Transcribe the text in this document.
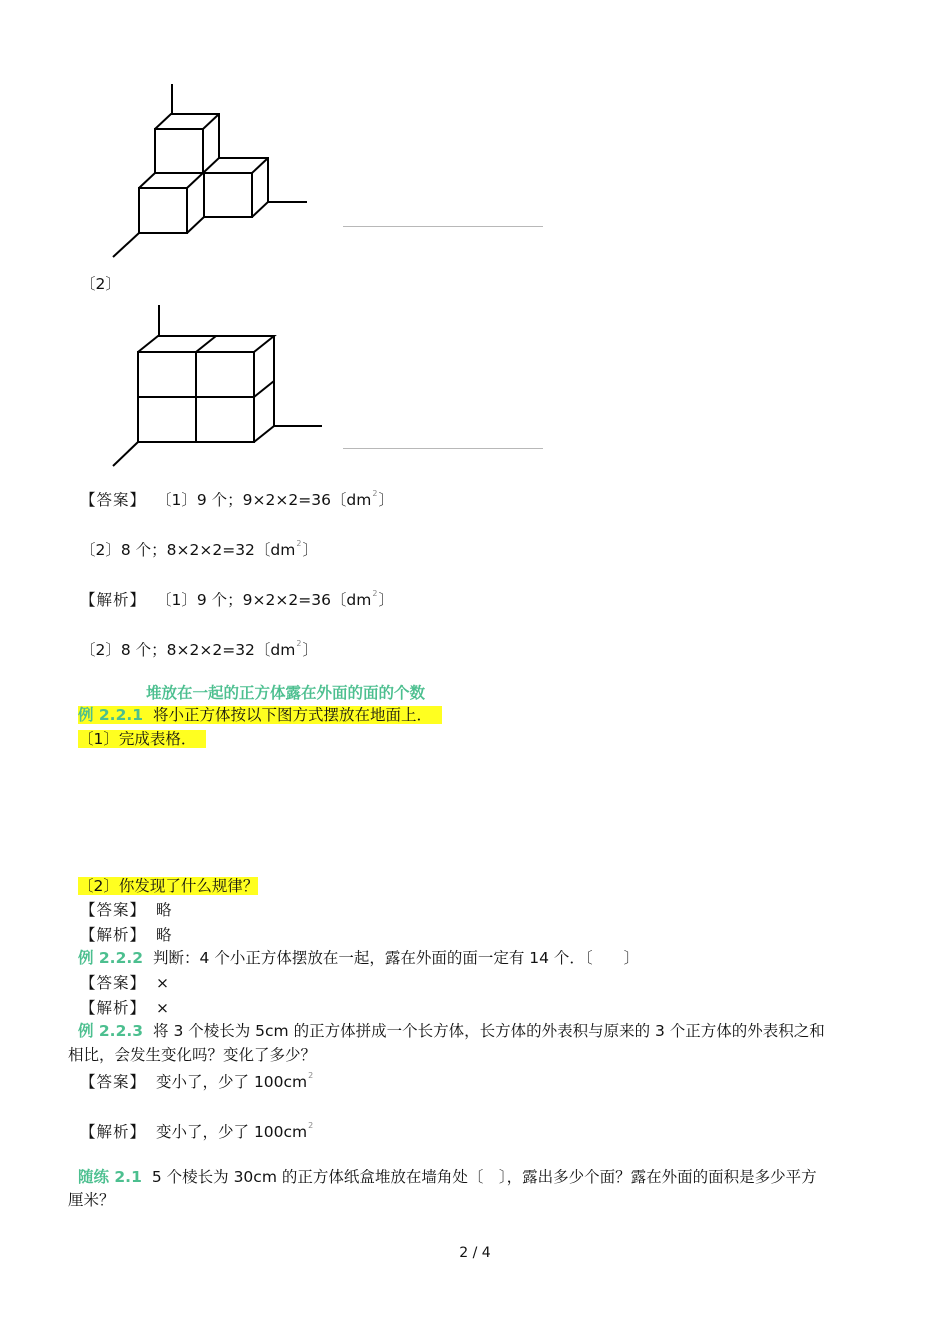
〔2〕
【答案】 〔1〕9 个；9×2×2=36〔$dm^2$〕
〔2〕8 个；8×2×2=32〔$dm^2$〕
【解析】 〔1〕9 个；9×2×2=36〔$dm^2$〕
〔2〕8 个；8×2×2=32〔$dm^2$〕
堆放在一起的正方体露在外面的面的个数
例 2.2.1 将小正方体按以下图方式摆放在地面上．
〔1〕完成表格．
〔2〕你发现了什么规律？
【答案】 略
【解析】 略
例 2.2.2 判断：4 个小正方体摆放在一起，露在外面的面一定有 14 个．〔　　〕
【答案】 ×
【解析】 ×
例 2.2.3 将 3 个棱长为 5cm 的正方体拼成一个长方体，长方体的外表积与原来的 3 个正方体的外表积之和
相比，会发生变化吗？变化了多少？
【答案】 变小了，少了 $100cm^2$
【解析】 变小了，少了 $100cm^2$
随练 2.1 5 个棱长为 30cm 的正方体纸盒堆放在墙角处〔　〕，露出多少个面？露在外面的面积是多少平方
厘米？
2 / 4
